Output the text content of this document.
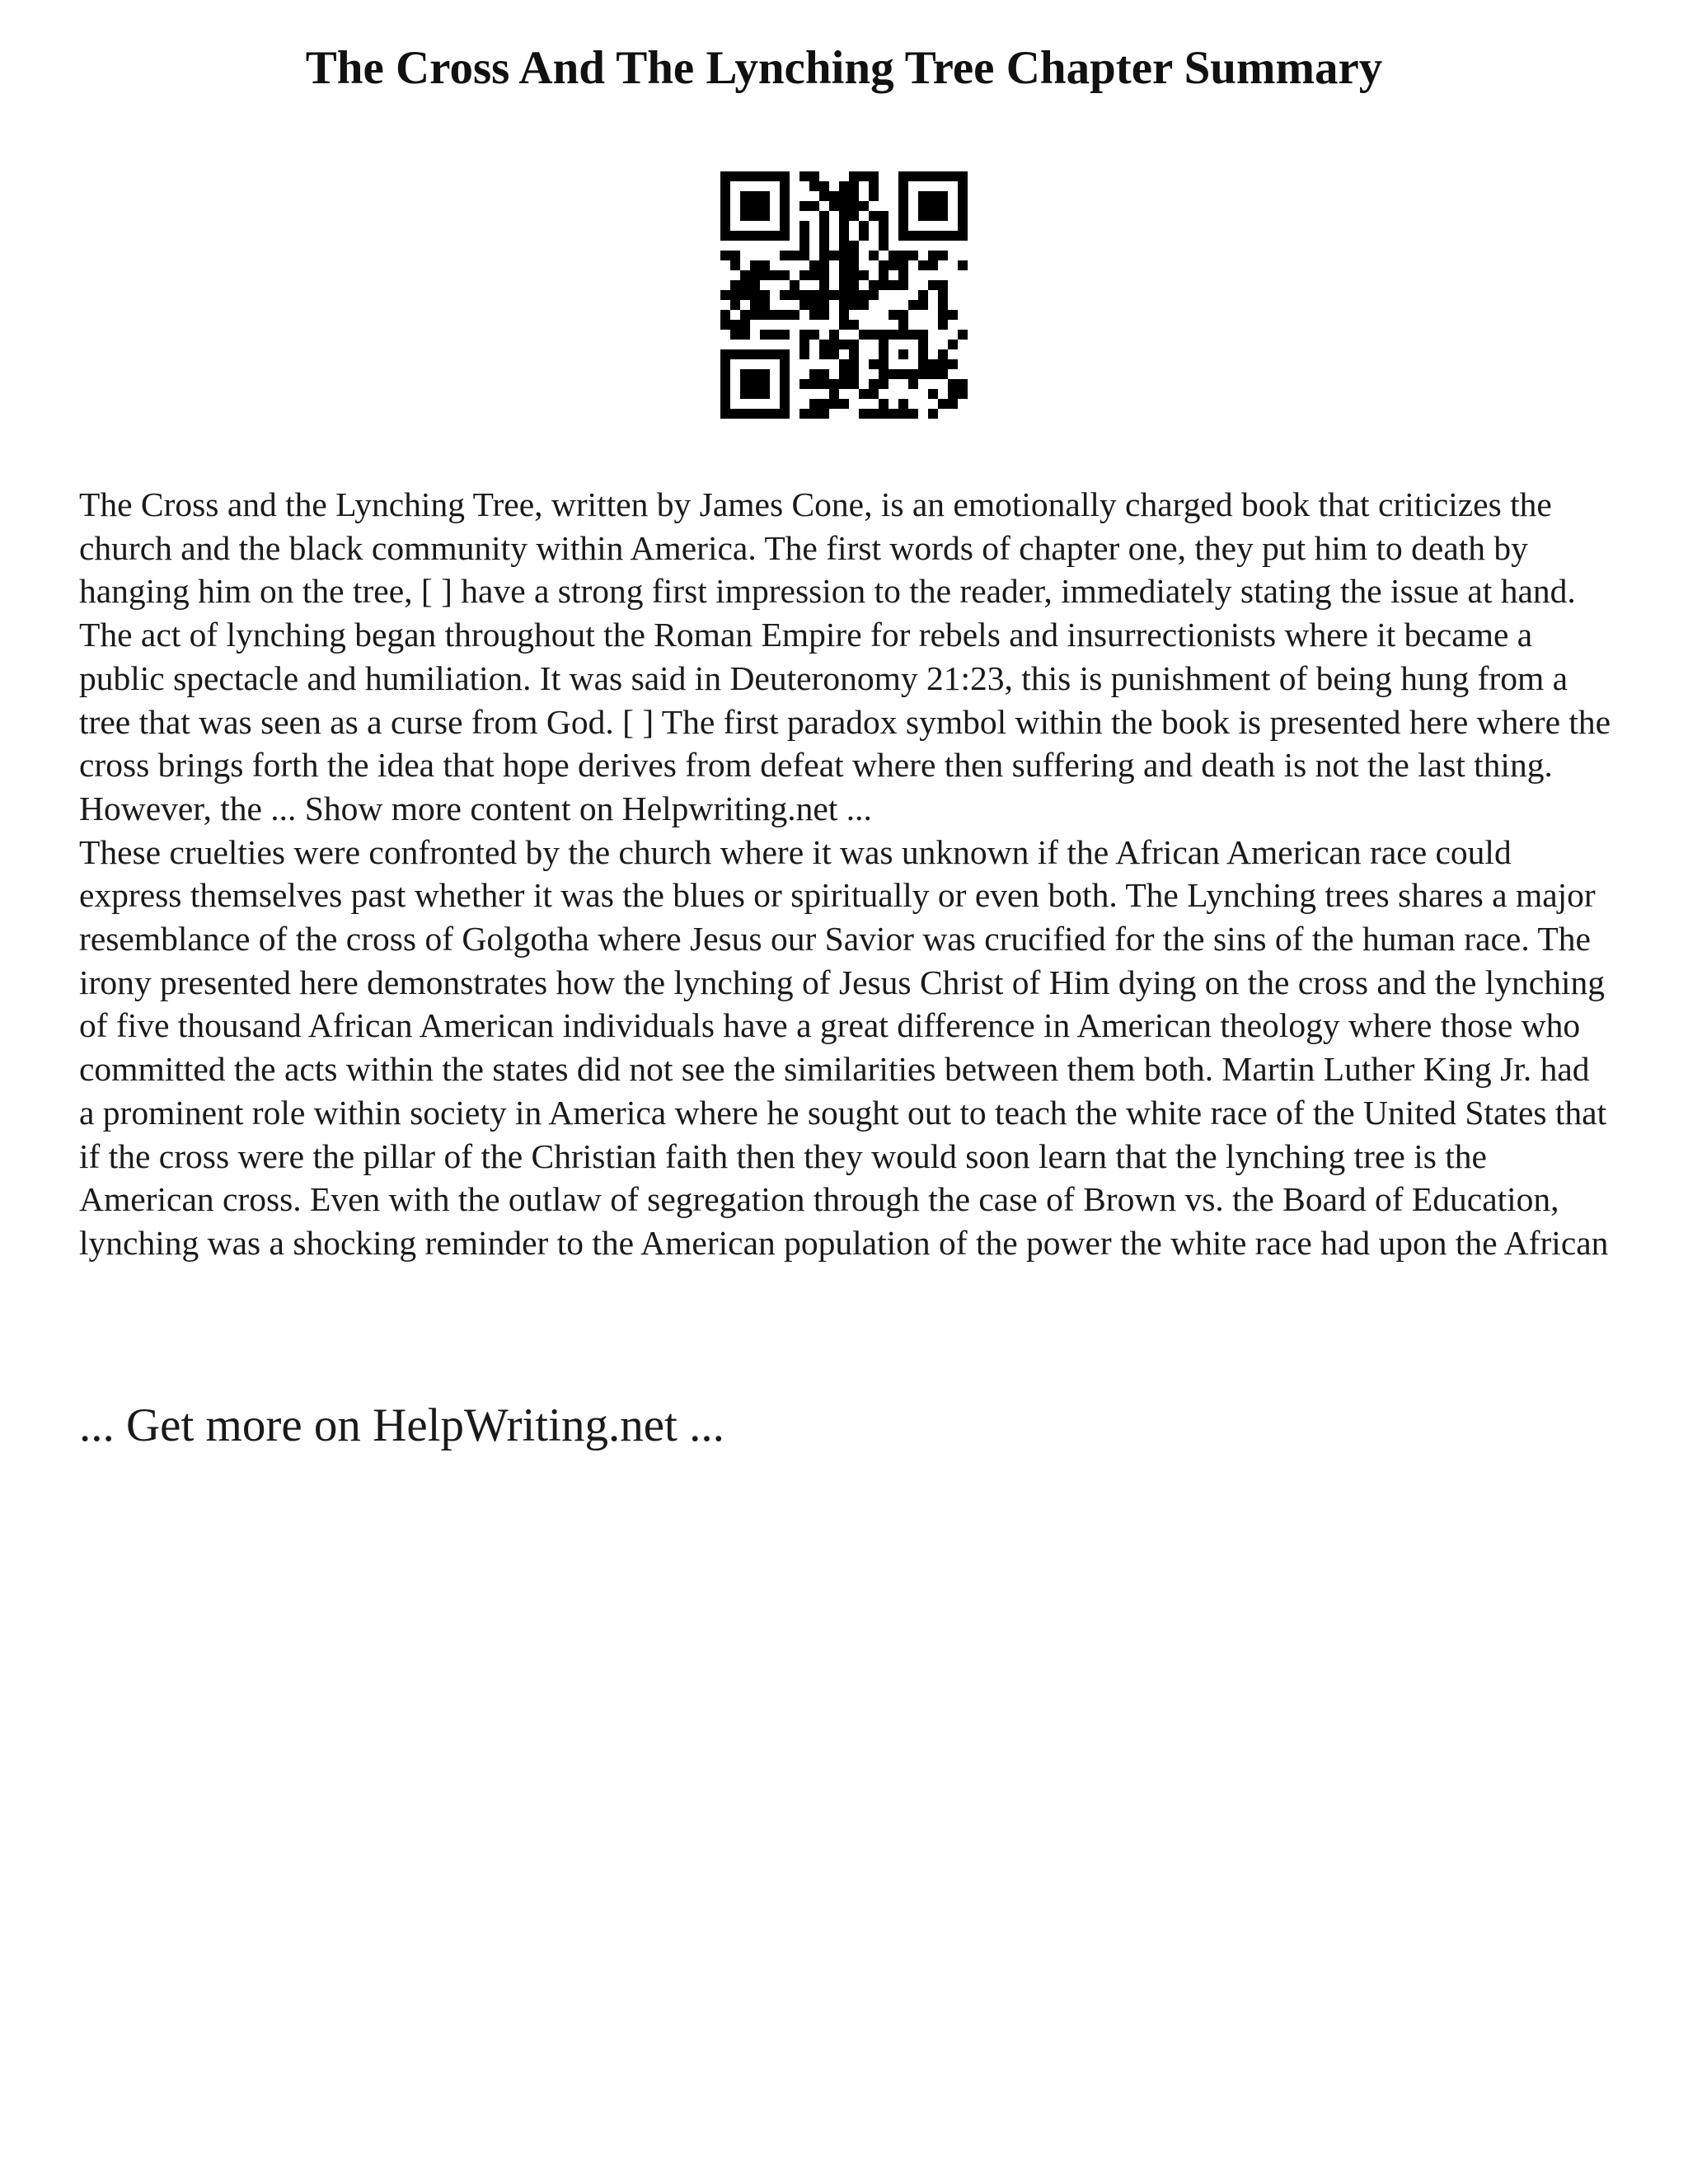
The Cross And The Lynching Tree Chapter Summary

The Cross and the Lynching Tree, written by James Cone, is an emotionally charged book that criticizes the church and the black community within America. The first words of chapter one, they put him to death by hanging him on the tree, [ ] have a strong first impression to the reader, immediately stating the issue at hand. The act of lynching began throughout the Roman Empire for rebels and insurrectionists where it became a public spectacle and humiliation. It was said in Deuteronomy 21:23, this is punishment of being hung from a tree that was seen as a curse from God. [ ] The first paradox symbol within the book is presented here where the cross brings forth the idea that hope derives from defeat where then suffering and death is not the last thing. However, the ... Show more content on Helpwriting.net ...

These cruelties were confronted by the church where it was unknown if the African American race could express themselves past whether it was the blues or spiritually or even both. The Lynching trees shares a major resemblance of the cross of Golgotha where Jesus our Savior was crucified for the sins of the human race. The irony presented here demonstrates how the lynching of Jesus Christ of Him dying on the cross and the lynching of five thousand African American individuals have a great difference in American theology where those who committed the acts within the states did not see the similarities between them both. Martin Luther King Jr. had a prominent role within society in America where he sought out to teach the white race of the United States that if the cross were the pillar of the Christian faith then they would soon learn that the lynching tree is the American cross. Even with the outlaw of segregation through the case of Brown vs. the Board of Education, lynching was a shocking reminder to the American population of the power the white race had upon the African

... Get more on HelpWriting.net ...
